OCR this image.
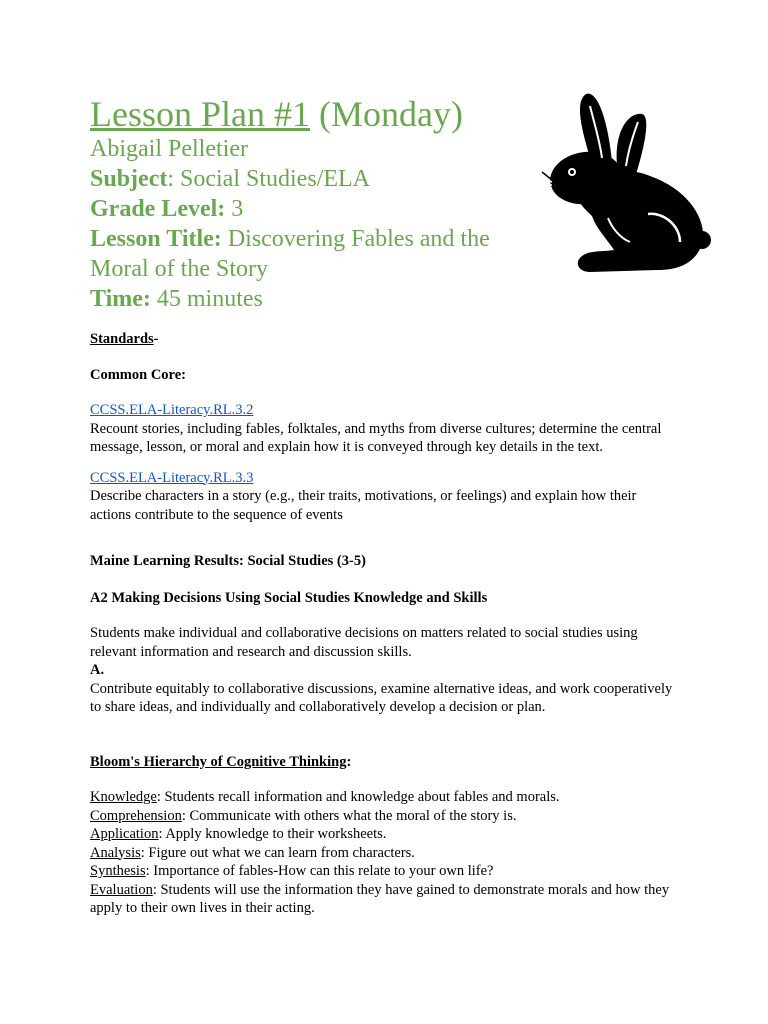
Lesson Plan #1 (Monday)

Abigail Pelletier

Subject: Social Studies/ELA

Grade Level: 3

Lesson Title: Discovering Fables and the Moral of the Story

Time: 45 minutes

Standards-

Common Core:

CCSS.ELA-Literacy.RL.3.2

Recount stories, including fables, folktales, and myths from diverse cultures; determine the central message, lesson, or moral and explain how it is conveyed through key details in the text.

CCSS.ELA-Literacy.RL.3.3

Describe characters in a story (e.g., their traits, motivations, or feelings) and explain how their actions contribute to the sequence of events

Maine Learning Results: Social Studies (3-5)

A2 Making Decisions Using Social Studies Knowledge and Skills

Students make individual and collaborative decisions on matters related to social studies using relevant information and research and discussion skills.

A.

Contribute equitably to collaborative discussions, examine alternative ideas, and work cooperatively to share ideas, and individually and collaboratively develop a decision or plan.

Bloom's Hierarchy of Cognitive Thinking:

Knowledge: Students recall information and knowledge about fables and morals.

Comprehension: Communicate with others what the moral of the story is.

Application: Apply knowledge to their worksheets.

Analysis: Figure out what we can learn from characters.

Synthesis: Importance of fables-How can this relate to your own life?

Evaluation: Students will use the information they have gained to demonstrate morals and how they apply to their own lives in their acting.
